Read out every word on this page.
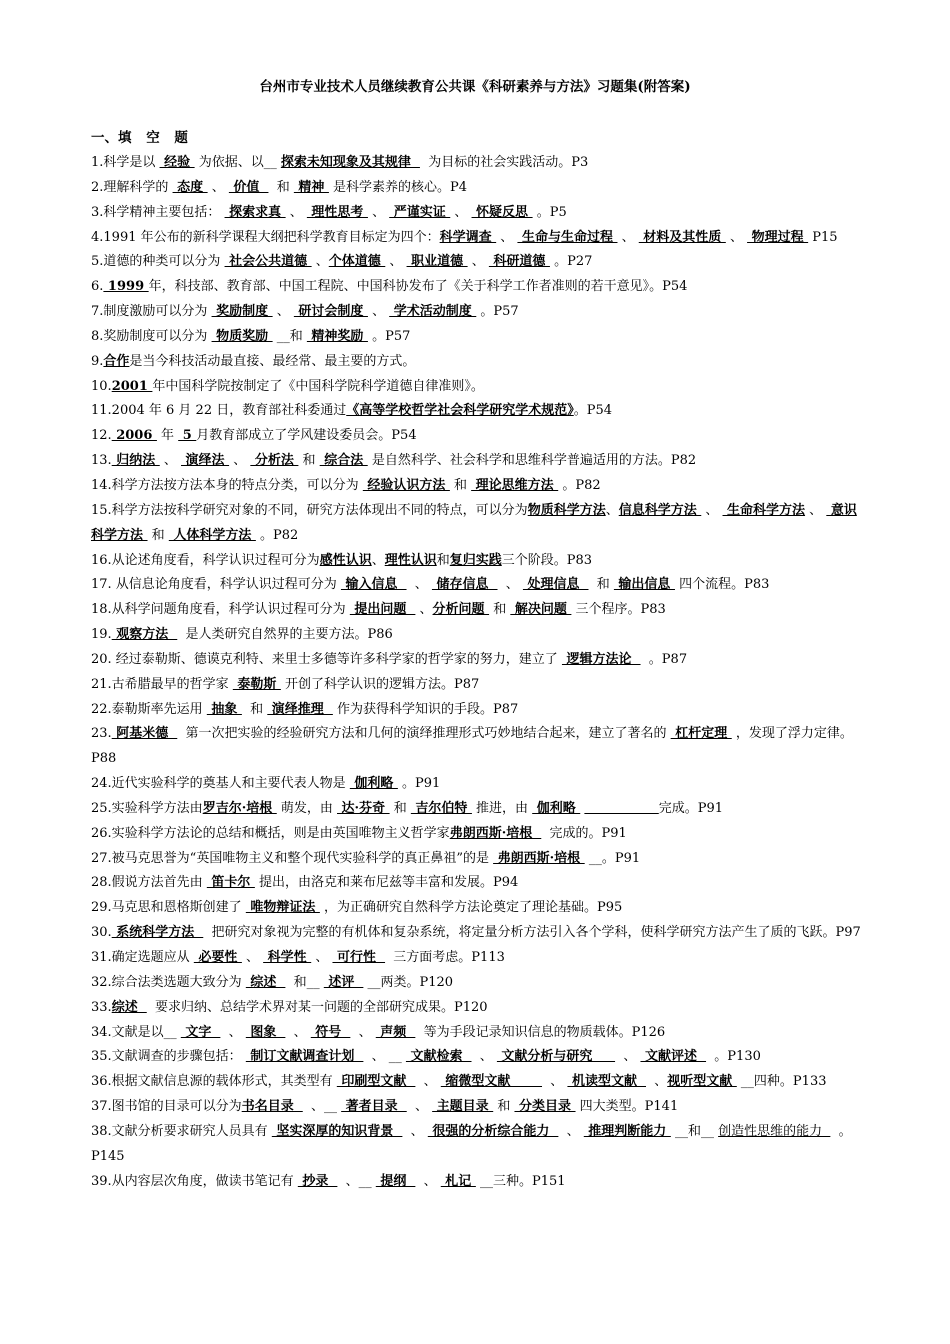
台州市专业技术人员继续教育公共课《科研素养与方法》习题集(附答案)
一、填 空 题

1.科学是以  经验  为依据、以__ 探索未知现象及其规律    为目标的社会实践活动。P3

2.理解科学的  态度  、  价值    和  精神  是科学素养的核心。P4

3.科学精神主要包括：  探索求真  、  理性思考  、  严谨实证  、  怀疑反思  。P5

4.1991 年公布的新科学课程大纲把科学教育目标定为四个：科学调查  、  生命与生命过程  、  材料及其性质  、  物理过程  P15

5.道德的种类可以分为  社会公共道德  、个体道德  、  职业道德  、  科研道德  。P27

6. 1999 年，科技部、教育部、中国工程院、中国科协发布了《关于科学工作者准则的若干意见》。P54

7.制度激励可以分为  奖励制度  、  研讨会制度  、  学术活动制度  。P57

8.奖励制度可以分为  物质奖励  __和  精神奖励  。P57

9.合作是当今科技活动最直接、最经常、最主要的方式。

10.2001 年中国科学院按制定了《中国科学院科学道德自律准则》。

11.2004 年 6 月 22 日，教育部社科委通过《高等学校哲学社会科学研究学术规范》。P54

12. 2006  年  5 月教育部成立了学风建设委员会。P54

13. 归纳法  、  演绎法  、  分析法  和  综合法  是自然科学、社会科学和思维科学普遍适用的方法。P82

14.科学方法按方法本身的特点分类，可以分为  经验认识方法  和  理论思维方法  。P82

15.科学方法按科学研究对象的不同，研究方法体现出不同的特点，可以分为物质科学方法、信息科学方法  、  生命科学方法 、  意识科学方法  和  人体科学方法  。P82

16.从论述角度看，科学认识过程可分为感性认识、理性认识和复归实践三个阶段。P83

17. 从信息论角度看，科学认识过程可分为  输入信息    、  储存信息    、  处理信息    和  输出信息  四个流程。P83

18.从科学问题角度看，科学认识过程可分为  提出问题   、分析问题  和  解决问题  三个程序。P83

19. 观察方法    是人类研究自然界的主要方法。P86

20. 经过泰勒斯、德谟克利特、来里士多德等许多科学家的哲学家的努力，建立了  逻辑方法论    。P87

21.古希腊最早的哲学家  泰勒斯  开创了科学认识的逻辑方法。P87

22.泰勒斯率先运用  抽象   和  演绎推理   作为获得科学知识的手段。P87

23. 阿基米德    第一次把实验的经验研究方法和几何的演绎推理形式巧妙地结合起来，建立了著名的  杠杆定理  ，发现了浮力定律。P88

24.近代实验科学的奠基人和主要代表人物是  伽利略  。P91

25.实验科学方法由罗吉尔·培根  萌发，由  达·芬奇  和  吉尔伯特  推进，由  伽利略	完成。P91

26.实验科学方法论的总结和概括，则是由英国唯物主义哲学家弗朗西斯·培根    完成的。P91

27.被马克思誉为“英国唯物主义和整个现代实验科学的真正鼻祖”的是  弗朗西斯·培根  __。P91

28.假说方法首先由  笛卡尔  提出，由洛克和莱布尼兹等丰富和发展。P94

29.马克思和恩格斯创建了  唯物辩证法  ，为正确研究自然科学方法论奠定了理论基础。P95

30. 系统科学方法    把研究对象视为完整的有机体和复杂系统，将定量分析方法引入各个学科，使科学研究方法产生了质的飞跃。P97

31.确定选题应从  必要性  、  科学性  、  可行性    三方面考虑。P113

32.综合法类选题大致分为  综述    和__  述评   __两类。P120

33.综述    要求归纳、总结学术界对某一问题的全部研究成果。P120

34.文献是以__  文字    、  图象    、  符号    、  声频    等为手段记录知识信息的物质载体。P126

35.文献调查的步骤包括：  制订文献调查计划    、 __  文献检索    、  文献分析与研究       、  文献评述    。P130

36.根据文献信息源的载体形式，其类型有  印刷型文献    、  缩微型文献         、  机读型文献    、视听型文献  __四种。P133

37.图书馆的目录可以分为书名目录    、__  著者目录    、  主题目录  和  分类目录  四大类型。P141

38.文献分析要求研究人员具有  坚实深厚的知识背景    、  很强的分析综合能力    、  推理判断能力  __和__ 创造性思维的能力    。P145

39.从内容层次角度，做读书笔记有  抄录    、__  提纲    、  札记  __三种。P151
